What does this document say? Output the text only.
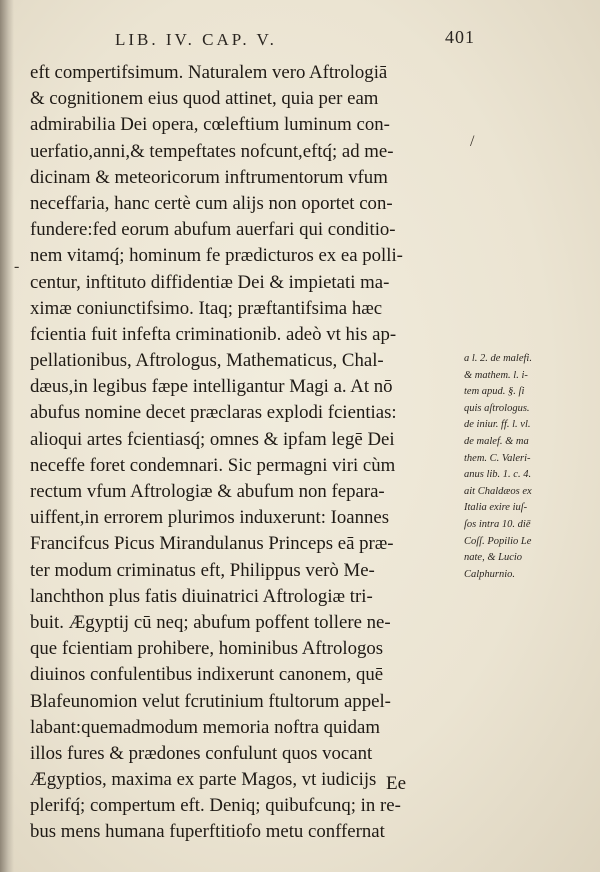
LIB. IV. CAP. V.	401
eft compertifsimum. Naturalem vero Aftrologiā
& cognitionem eius quod attinet, quia per eam
admirabilia Dei opera, cœleftium luminum con-
uerfatio,anni,& tempeftates nofcunt,eftq́; ad me-
dicinam & meteoricorum inftrumentorum vfum
neceffaria, hanc certè cum alijs non oportet con-
fundere:fed eorum abufum auerfari qui conditio-
nem vitamq́; hominum fe prædicturos ex ea polli-
centur, inftituto diffidentiæ Dei & impietati ma-
ximæ coniunctifsimo. Itaq; præftantifsima hæc
fcientia fuit infefta criminationib. adeò vt his ap-
pellationibus, Aftrologus, Mathematicus, Chal-
dæus,in legibus fæpe intelligantur Magi a. At nō
abufus nomine decet præclaras explodi fcientias:
alioqui artes fcientiasq́; omnes & ipfam legē Dei
neceffe foret condemnari. Sic permagni viri cùm
rectum vfum Aftrologiæ & abufum non fepara-
uiffent,in errorem plurimos induxerunt: Ioannes
Francifcus Picus Mirandulanus Princeps eā præ-
ter modum criminatus eft, Philippus verò Me-
lanchthon plus fatis diuinatrici Aftrologiæ tri-
buit. Ægyptij cū neq; abufum poffent tollere ne-
que fcientiam prohibere, hominibus Aftrologos
diuinos confulentibus indixerunt canonem, quē
Blafeunomion velut fcrutinium ftultorum appel-
labant:quemadmodum memoria noftra quidam
illos fures & prædones confulunt quos vocant
Ægyptios, maxima ex parte Magos, vt iudicijs
plerifq́; compertum eft. Deniq; quibufcunq; in re-
bus mens humana fuperftitiofo metu conffernat
a l. 2. de malefi.
& mathem. l. i-
tem apud. §. ſi
quis aſtrologus.
de iniur. ff. l. vl.
de malef. & ma
them. C. Valeri-
anus lib. 1. c. 4.
ait Chaldæos ex
Italia exire iuſ-
ſos intra 10. diē
Coſſ. Popilio Le
nate, & Lucio
Calphurnio.
Ee
-
/
